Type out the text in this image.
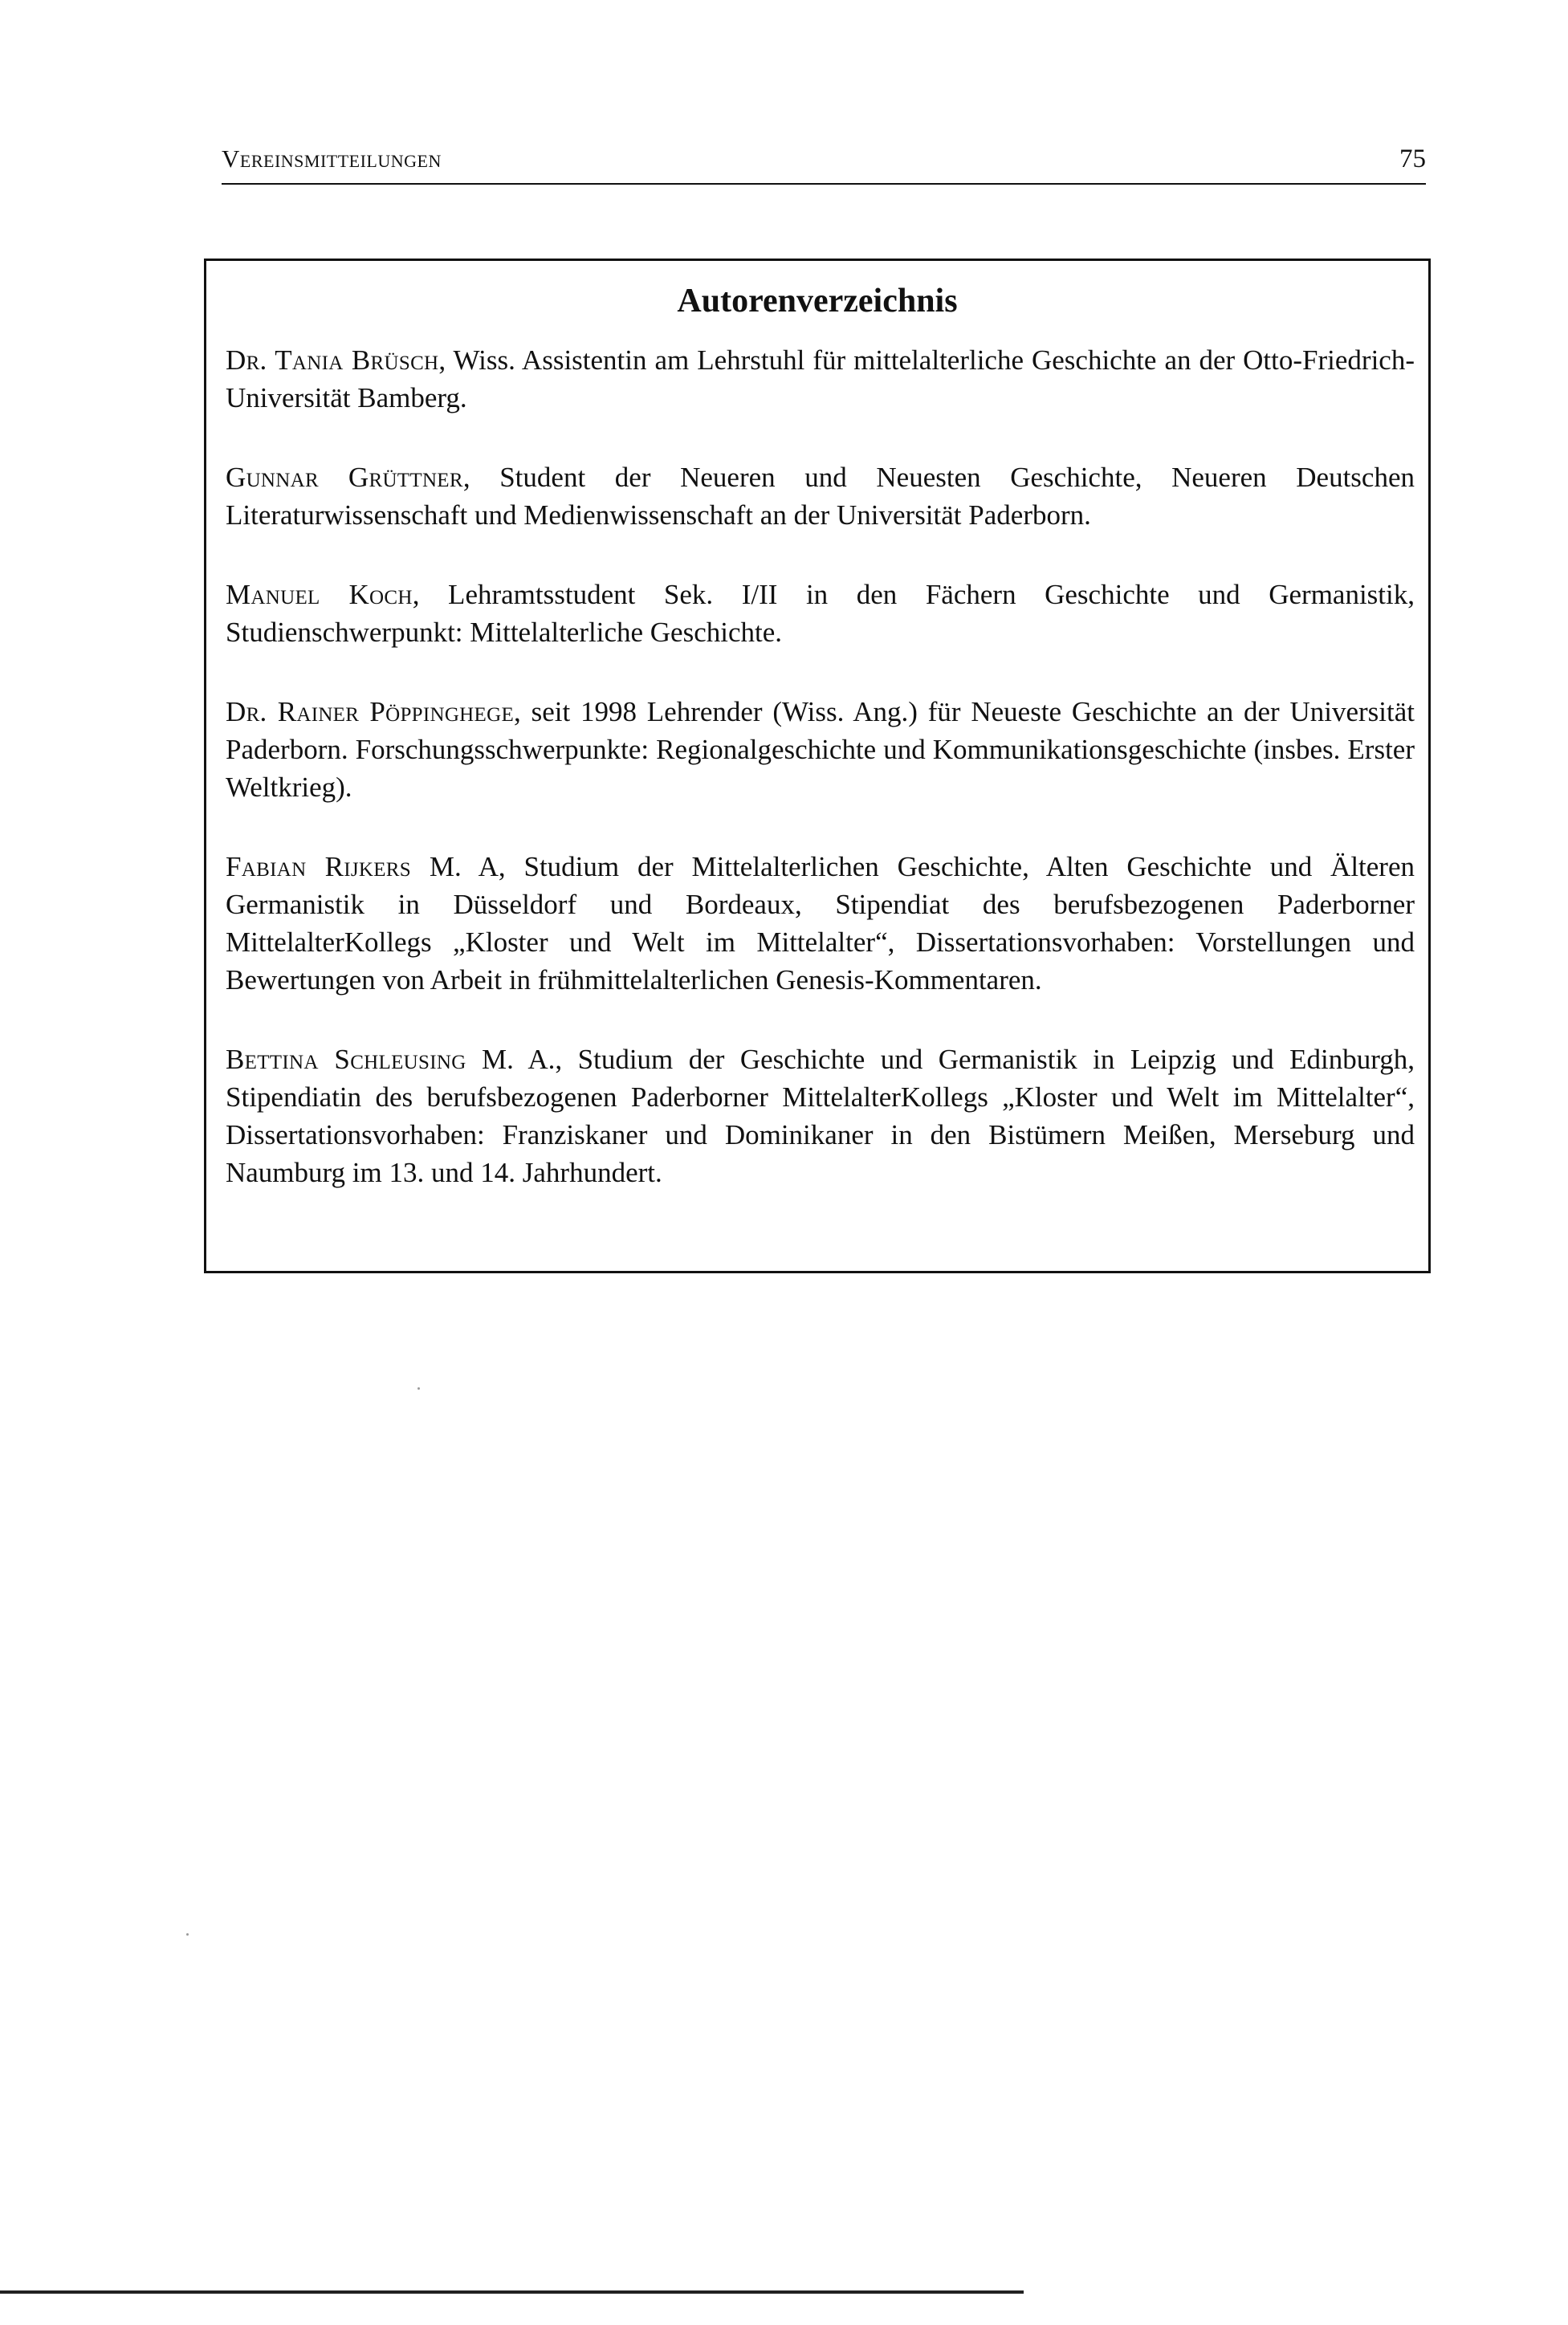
Vereinsmitteilungen	75
Autorenverzeichnis

Dr. Tania Brüsch, Wiss. Assistentin am Lehrstuhl für mittelalterliche Geschichte an der Otto-Friedrich-Universität Bamberg.

Gunnar Grüttner, Student der Neueren und Neuesten Geschichte, Neueren Deutschen Literaturwissenschaft und Medienwissenschaft an der Universität Paderborn.

Manuel Koch, Lehramtsstudent Sek. I/II in den Fächern Geschichte und Germanistik, Studienschwerpunkt: Mittelalterliche Geschichte.

Dr. Rainer Pöppinghege, seit 1998 Lehrender (Wiss. Ang.) für Neueste Geschichte an der Universität Paderborn. Forschungsschwerpunkte: Regionalgeschichte und Kommunikationsgeschichte (insbes. Erster Weltkrieg).

Fabian Rijkers M. A, Studium der Mittelalterlichen Geschichte, Alten Geschichte und Älteren Germanistik in Düsseldorf und Bordeaux, Stipendiat des berufsbezogenen Paderborner MittelalterKollegs „Kloster und Welt im Mittelalter“, Dissertationsvorhaben: Vorstellungen und Bewertungen von Arbeit in frühmittelalterlichen Genesis-Kommentaren.

Bettina Schleusing M. A., Studium der Geschichte und Germanistik in Leipzig und Edinburgh, Stipendiatin des berufsbezogenen Paderborner MittelalterKollegs „Kloster und Welt im Mittelalter“, Dissertationsvorhaben: Franziskaner und Dominikaner in den Bistümern Meißen, Merseburg und Naumburg im 13. und 14. Jahrhundert.
